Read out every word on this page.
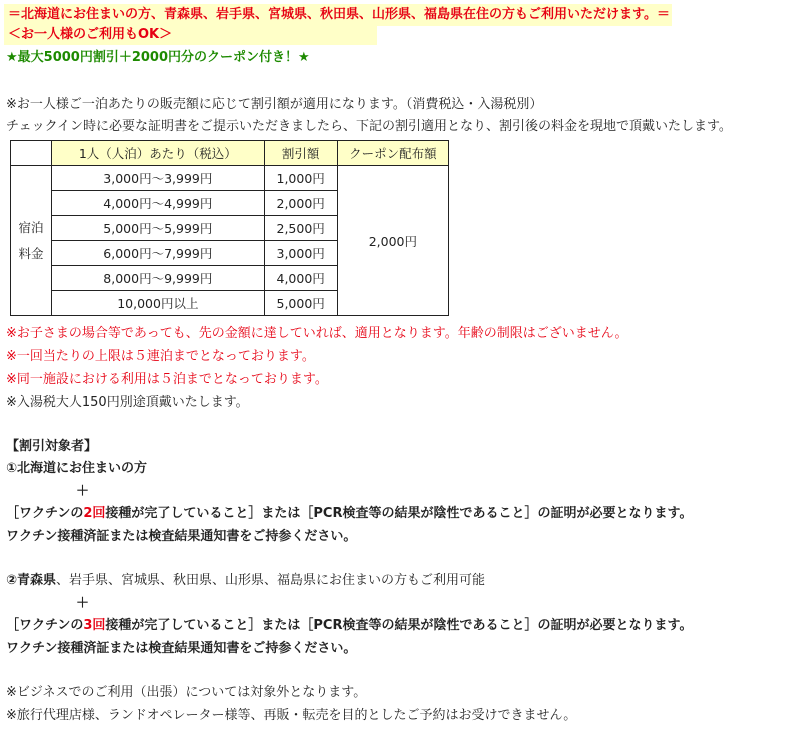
＝北海道にお住まいの方、青森県、岩手県、宮城県、秋田県、山形県、福島県在住の方もご利用いただけます。＝
＜お一人様のご利用もOK＞
★最大5000円割引＋2000円分のクーポン付き！★
※お一人様ご一泊あたりの販売額に応じて割引額が適用になります。（消費税込・入湯税別）
チェックイン時に必要な証明書をご提示いただきましたら、下記の割引適用となり、割引後の料金を現地で頂戴いたします。
	1人（人泊）あたり（税込）	割引額	クーポン配布額
宿泊
料金	3,000円～3,999円	1,000円	2,000円
	4,000円～4,999円	2,000円	
	5,000円～5,999円	2,500円	
	6,000円～7,999円	3,000円	
	8,000円～9,999円	4,000円	
	10,000円以上	5,000円	
※お子さまの場合等であっても、先の金額に達していれば、適用となります。年齢の制限はございません。
※一回当たりの上限は５連泊までとなっております。
※同一施設における利用は５泊までとなっております。
※入湯税大人150円別途頂戴いたします。
【割引対象者】
①北海道にお住まいの方
＋
［ワクチンの2回接種が完了していること］または［PCR検査等の結果が陰性であること］の証明が必要となります。
ワクチン接種済証または検査結果通知書をご持参ください。
②青森県、岩手県、宮城県、秋田県、山形県、福島県にお住まいの方もご利用可能
＋
［ワクチンの3回接種が完了していること］または［PCR検査等の結果が陰性であること］の証明が必要となります。
ワクチン接種済証または検査結果通知書をご持参ください。
※ビジネスでのご利用（出張）については対象外となります。
※旅行代理店様、ランドオペレーター様等、再販・転売を目的としたご予約はお受けできません。
